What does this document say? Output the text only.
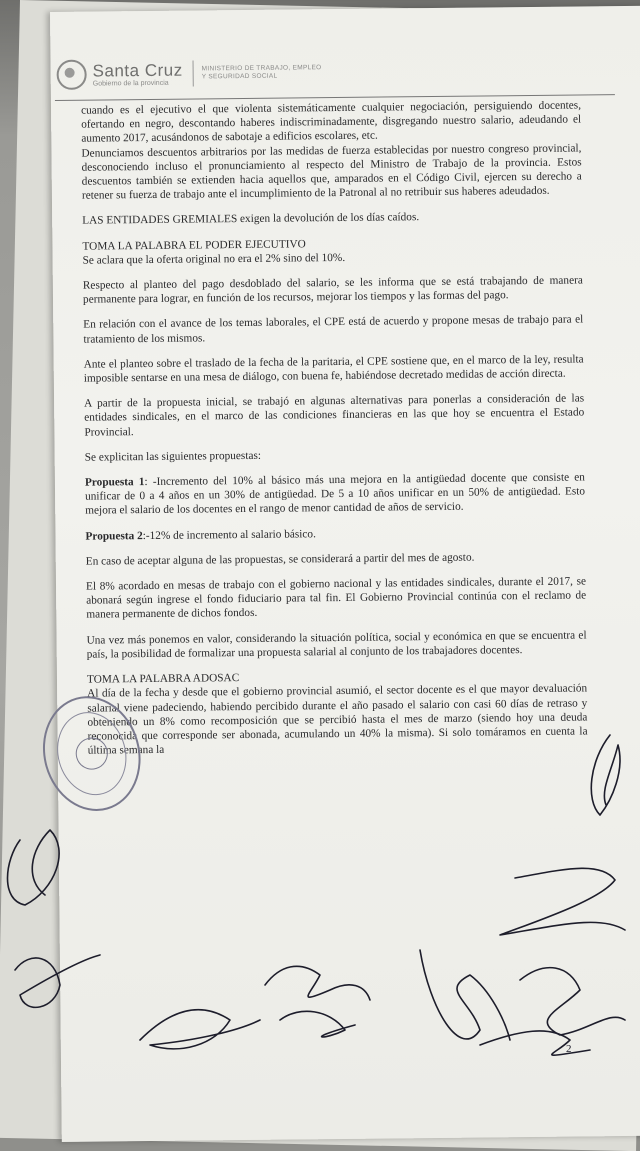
Santa Cruz
Gobierno de la provincia
MINISTERIO DE TRABAJO, EMPLEO
Y SEGURIDAD SOCIAL

cuando es el ejecutivo el que violenta sistemáticamente cualquier negociación, persiguiendo docentes, ofertando en negro, descontando haberes indiscriminadamente, disgregando nuestro salario, adeudando el aumento 2017, acusándonos de sabotaje a edificios escolares, etc.

Denunciamos descuentos arbitrarios por las medidas de fuerza establecidas por nuestro congreso provincial, desconociendo incluso el pronunciamiento al respecto del Ministro de Trabajo de la provincia. Estos descuentos también se extienden hacia aquellos que, amparados en el Código Civil, ejercen su derecho a retener su fuerza de trabajo ante el incumplimiento de la Patronal al no retribuir sus haberes adeudados.

LAS ENTIDADES GREMIALES exigen la devolución de los días caídos.

TOMA LA PALABRA EL PODER EJECUTIVO

Se aclara que la oferta original no era el 2% sino del 10%.

Respecto al planteo del pago desdoblado del salario, se les informa que se está trabajando de manera permanente para lograr, en función de los recursos, mejorar los tiempos y las formas del pago.

En relación con el avance de los temas laborales, el CPE está de acuerdo y propone mesas de trabajo para el tratamiento de los mismos.

Ante el planteo sobre el traslado de la fecha de la paritaria, el CPE sostiene que, en el marco de la ley, resulta imposible sentarse en una mesa de diálogo, con buena fe, habiéndose decretado medidas de acción directa.

A partir de la propuesta inicial, se trabajó en algunas alternativas para ponerlas a consideración de las entidades sindicales, en el marco de las condiciones financieras en las que hoy se encuentra el Estado Provincial.

Se explicitan las siguientes propuestas:

Propuesta 1: -Incremento del 10% al básico más una mejora en la antigüedad docente que consiste en unificar de 0 a 4 años en un 30% de antigüedad. De 5 a 10 años unificar en un 50% de antigüedad. Esto mejora el salario de los docentes en el rango de menor cantidad de años de servicio.

Propuesta 2:-12% de incremento al salario básico.

En caso de aceptar alguna de las propuestas, se considerará a partir del mes de agosto.

El 8% acordado en mesas de trabajo con el gobierno nacional y las entidades sindicales, durante el 2017, se abonará según ingrese el fondo fiduciario para tal fin. El Gobierno Provincial continúa con el reclamo de manera permanente de dichos fondos.

Una vez más ponemos en valor, considerando la situación política, social y económica en que se encuentra el país, la posibilidad de formalizar una propuesta salarial al conjunto de los trabajadores docentes.

TOMA LA PALABRA ADOSAC

Al día de la fecha y desde que el gobierno provincial asumió, el sector docente es el que mayor devaluación salarial viene padeciendo, habiendo percibido durante el año pasado el salario con casi 60 días de retraso y obteniendo un 8% como recomposición que se percibió hasta el mes de marzo (siendo hoy una deuda reconocida que corresponde ser abonada, acumulando un 40% la misma). Si solo tomáramos en cuenta la última semana la

2
